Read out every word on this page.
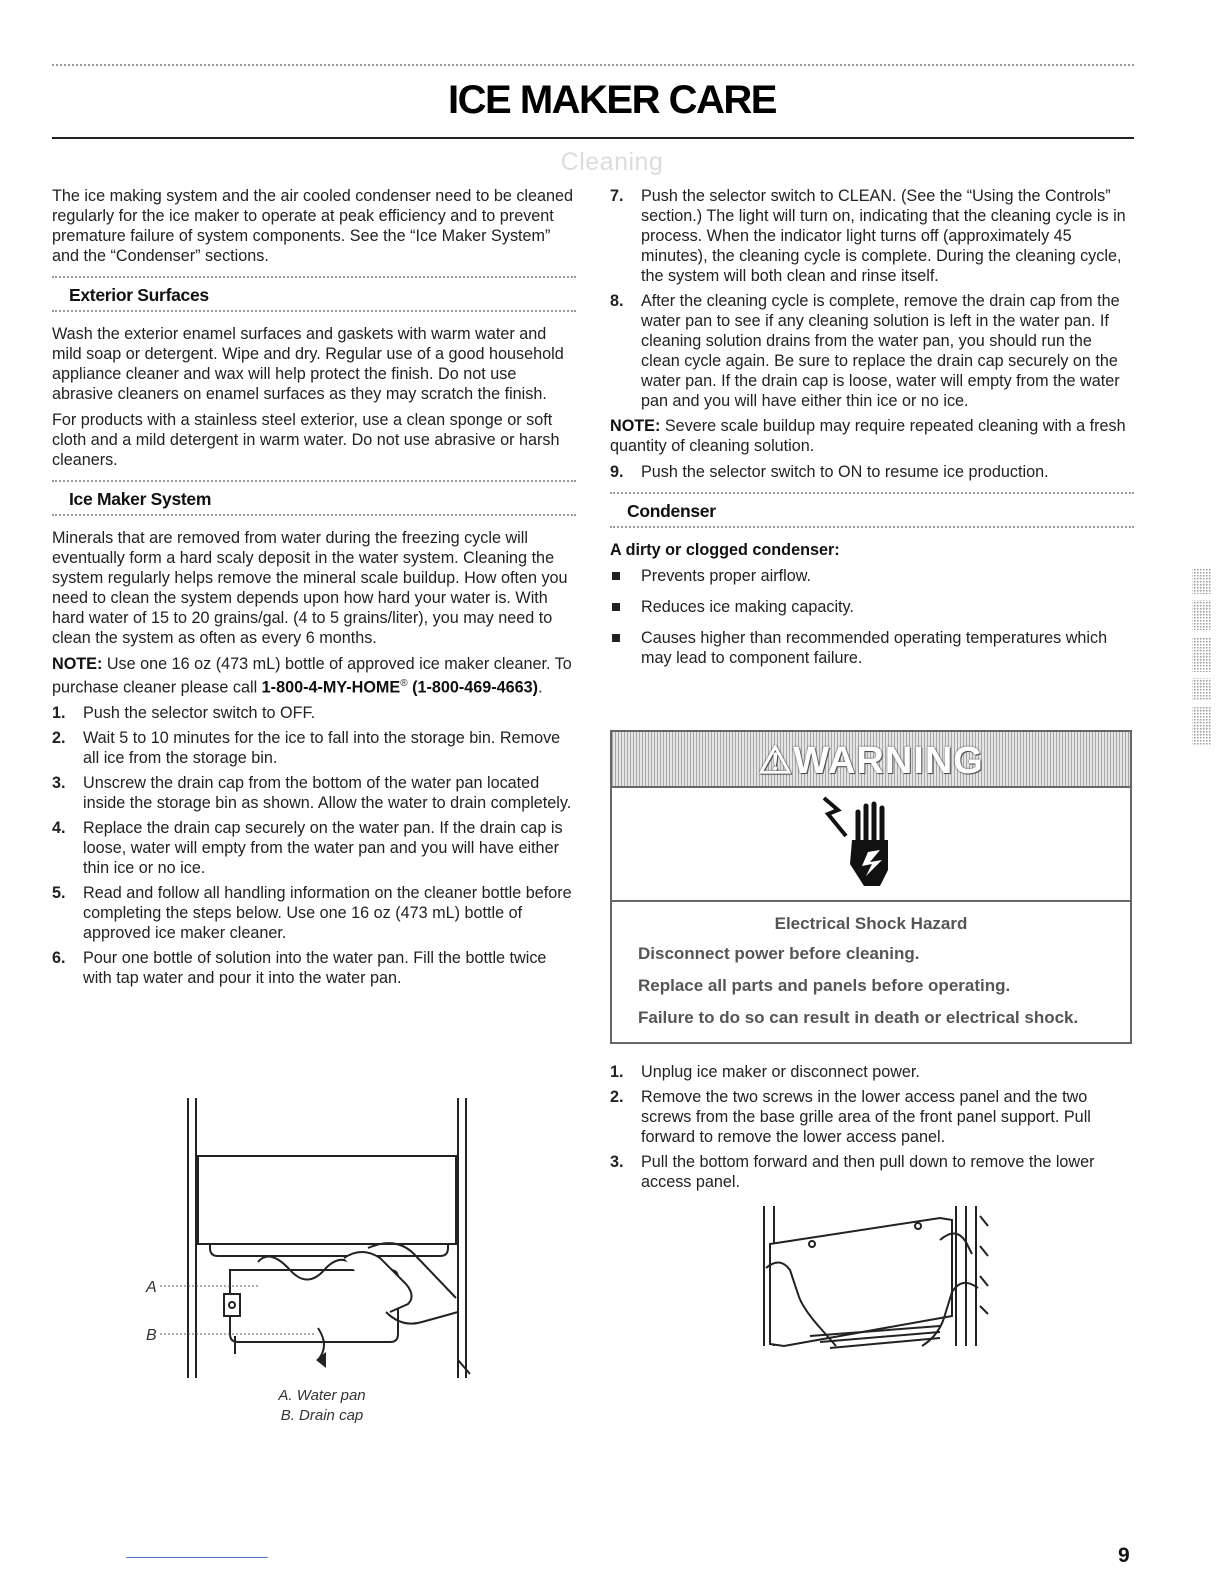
ICE MAKER CARE
Cleaning

The ice making system and the air cooled condenser need to be cleaned regularly for the ice maker to operate at peak efficiency and to prevent premature failure of system components. See the “Ice Maker System” and the “Condenser” sections.

Exterior Surfaces

Wash the exterior enamel surfaces and gaskets with warm water and mild soap or detergent. Wipe and dry. Regular use of a good household appliance cleaner and wax will help protect the finish. Do not use abrasive cleaners on enamel surfaces as they may scratch the finish.

For products with a stainless steel exterior, use a clean sponge or soft cloth and a mild detergent in warm water. Do not use abrasive or harsh cleaners.

Ice Maker System

Minerals that are removed from water during the freezing cycle will eventually form a hard scaly deposit in the water system. Cleaning the system regularly helps remove the mineral scale buildup. How often you need to clean the system depends upon how hard your water is. With hard water of 15 to 20 grains/gal. (4 to 5 grains/liter), you may need to clean the system as often as every 6 months.

NOTE: Use one 16 oz (473 mL) bottle of approved ice maker cleaner. To purchase cleaner please call 1-800-4-MY-HOME® (1-800-469-4663).

1. Push the selector switch to OFF.
2. Wait 5 to 10 minutes for the ice to fall into the storage bin. Remove all ice from the storage bin.
3. Unscrew the drain cap from the bottom of the water pan located inside the storage bin as shown. Allow the water to drain completely.
4. Replace the drain cap securely on the water pan. If the drain cap is loose, water will empty from the water pan and you will have either thin ice or no ice.
5. Read and follow all handling information on the cleaner bottle before completing the steps below. Use one 16 oz (473 mL) bottle of approved ice maker cleaner.
6. Pour one bottle of solution into the water pan. Fill the bottle twice with tap water and pour it into the water pan.
A
B
A. Water pan
B. Drain cap
7. Push the selector switch to CLEAN. (See the “Using the Controls” section.) The light will turn on, indicating that the cleaning cycle is in process. When the indicator light turns off (approximately 45 minutes), the cleaning cycle is complete. During the cleaning cycle, the system will both clean and rinse itself.
8. After the cleaning cycle is complete, remove the drain cap from the water pan to see if any cleaning solution is left in the water pan. If cleaning solution drains from the water pan, you should run the clean cycle again. Be sure to replace the drain cap securely on the water pan. If the drain cap is loose, water will empty from the water pan and you will have either thin ice or no ice.

NOTE: Severe scale buildup may require repeated cleaning with a fresh quantity of cleaning solution.

9. Push the selector switch to ON to resume ice production.
Condenser

A dirty or clogged condenser:

Prevents proper airflow.
Reduces ice making capacity.
Causes higher than recommended operating temperatures which may lead to component failure.
⚠WARNING
Electrical Shock Hazard
Disconnect power before cleaning.
Replace all parts and panels before operating.
Failure to do so can result in death or electrical shock.
1. Unplug ice maker or disconnect power.
2. Remove the two screws in the lower access panel and the two screws from the base grille area of the front panel support. Pull forward to remove the lower access panel.
3. Pull the bottom forward and then pull down to remove the lower access panel.
9
